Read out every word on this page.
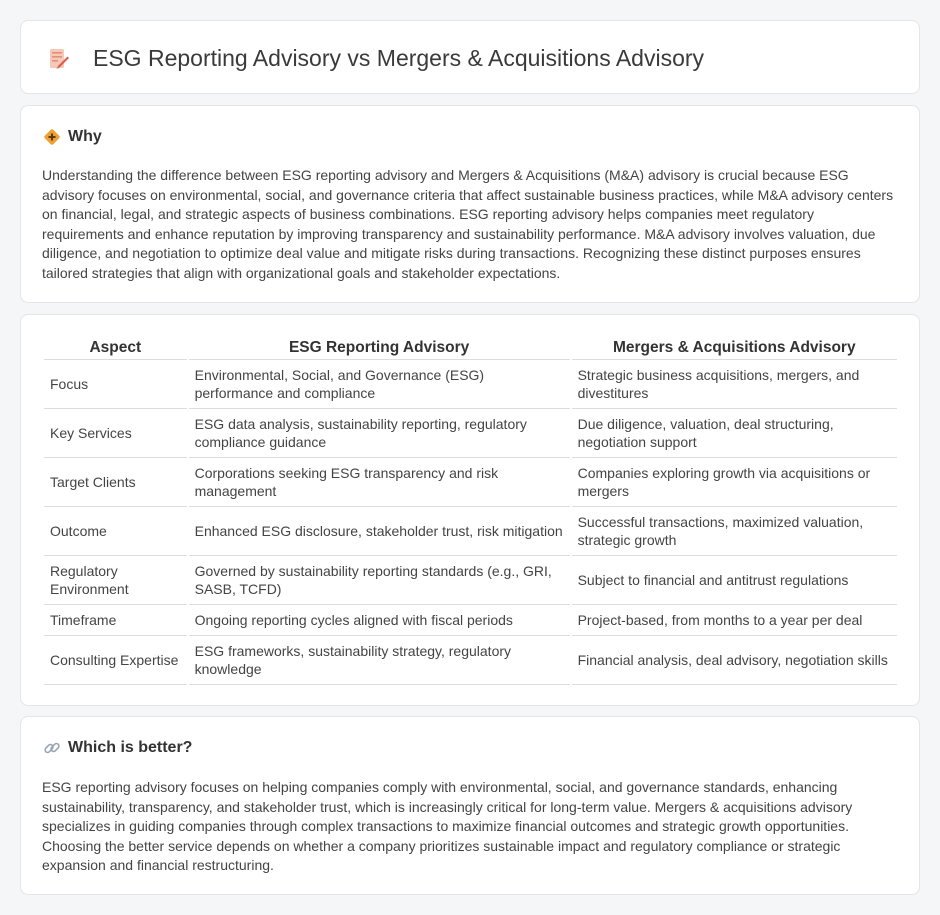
ESG Reporting Advisory vs Mergers & Acquisitions Advisory
Why

Understanding the difference between ESG reporting advisory and Mergers & Acquisitions (M&A) advisory is crucial because ESG advisory focuses on environmental, social, and governance criteria that affect sustainable business practices, while M&A advisory centers on financial, legal, and strategic aspects of business combinations. ESG reporting advisory helps companies meet regulatory requirements and enhance reputation by improving transparency and sustainability performance. M&A advisory involves valuation, due diligence, and negotiation to optimize deal value and mitigate risks during transactions. Recognizing these distinct purposes ensures tailored strategies that align with organizational goals and stakeholder expectations.

Aspect	ESG Reporting Advisory	Mergers & Acquisitions Advisory
Focus	Environmental, Social, and Governance (ESG) performance and compliance	Strategic business acquisitions, mergers, and divestitures
Key Services	ESG data analysis, sustainability reporting, regulatory compliance guidance	Due diligence, valuation, deal structuring, negotiation support
Target Clients	Corporations seeking ESG transparency and risk management	Companies exploring growth via acquisitions or mergers
Outcome	Enhanced ESG disclosure, stakeholder trust, risk mitigation	Successful transactions, maximized valuation, strategic growth
Regulatory Environment	Governed by sustainability reporting standards (e.g., GRI, SASB, TCFD)	Subject to financial and antitrust regulations
Timeframe	Ongoing reporting cycles aligned with fiscal periods	Project-based, from months to a year per deal
Consulting Expertise	ESG frameworks, sustainability strategy, regulatory knowledge	Financial analysis, deal advisory, negotiation skills
Which is better?

ESG reporting advisory focuses on helping companies comply with environmental, social, and governance standards, enhancing sustainability, transparency, and stakeholder trust, which is increasingly critical for long-term value. Mergers & acquisitions advisory specializes in guiding companies through complex transactions to maximize financial outcomes and strategic growth opportunities. Choosing the better service depends on whether a company prioritizes sustainable impact and regulatory compliance or strategic expansion and financial restructuring.
